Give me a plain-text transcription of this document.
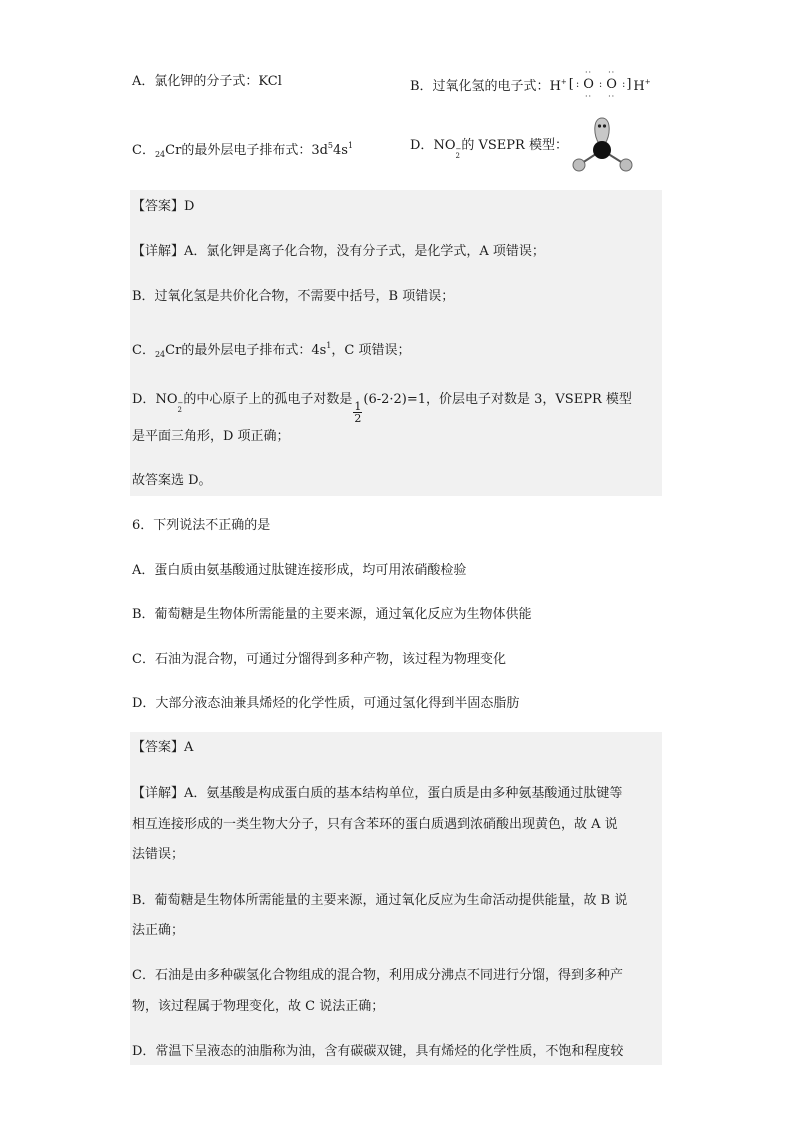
A．氯化钾的分子式：KCl	B．过氧化氢的电子式： H+ [ :
··
O
··
:
··
O
··
: ] H+
C．$_{24}$Cr的最外层电子排布式：$3d^54s^1$	D．NO −
2
的 VSEPR 模型：
【答案】D
【详解】A．氯化钾是离子化合物，没有分子式，是化学式，A 项错误；
B．过氧化氢是共价化合物，不需要中括号，B 项错误；
C．$_{24}$Cr的最外层电子排布式：$4s^1$，C 项错误；
D．NO −
2
的中心原子上的孤电子对数是
$\frac{1}{2}$
(6-2·2)=1，价层电子对数是 3，VSEPR 模型
是平面三角形，D 项正确；
故答案选 D。
6．下列说法不正确的是
A．蛋白质由氨基酸通过肽键连接形成，均可用浓硝酸检验
B．葡萄糖是生物体所需能量的主要来源，通过氧化反应为生物体供能
C．石油为混合物，可通过分馏得到多种产物，该过程为物理变化
D．大部分液态油兼具烯烃的化学性质，可通过氢化得到半固态脂肪
【答案】A
【详解】A．氨基酸是构成蛋白质的基本结构单位，蛋白质是由多种氨基酸通过肽键等
相互连接形成的一类生物大分子，只有含苯环的蛋白质遇到浓硝酸出现黄色，故 A 说
法错误；
B．葡萄糖是生物体所需能量的主要来源，通过氧化反应为生命活动提供能量，故 B 说
法正确；
C．石油是由多种碳氢化合物组成的混合物，利用成分沸点不同进行分馏，得到多种产
物，该过程属于物理变化，故 C 说法正确；
D．常温下呈液态的油脂称为油，含有碳碳双键，具有烯烃的化学性质，不饱和程度较
